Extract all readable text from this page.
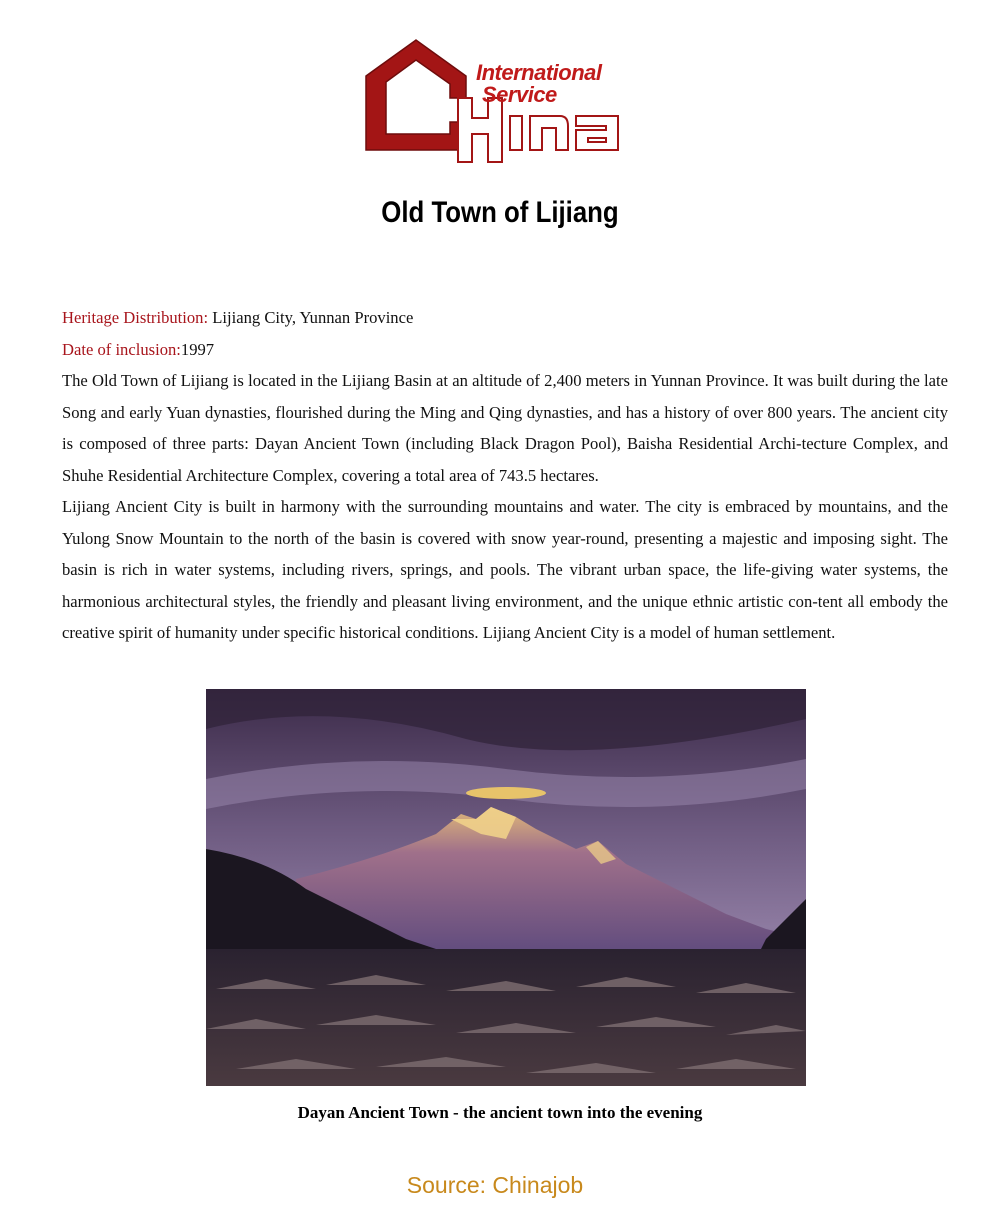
International
Service
Old Town of Lijiang

Heritage Distribution: Lijiang City, Yunnan Province

Date of inclusion:1997

The Old Town of Lijiang is located in the Lijiang Basin at an altitude of 2,400 meters in Yunnan Province. It was built during the late Song and early Yuan dynasties, flourished during the Ming and Qing dynasties, and has a history of over 800 years. The ancient city is composed of three parts: Dayan Ancient Town (including Black Dragon Pool), Baisha Residential Archi-tecture Complex, and Shuhe Residential Architecture Complex, covering a total area of 743.5 hectares.

Lijiang Ancient City is built in harmony with the surrounding mountains and water. The city is embraced by mountains, and the Yulong Snow Mountain to the north of the basin is covered with snow year-round, presenting a majestic and imposing sight. The basin is rich in water systems, including rivers, springs, and pools. The vibrant urban space, the life-giving water systems, the harmonious architectural styles, the friendly and pleasant living environment, and the unique ethnic artistic con-tent all embody the creative spirit of humanity under specific historical conditions. Lijiang Ancient City is a model of human settlement.

Dayan Ancient Town - the ancient town into the evening
Source: Chinajob
